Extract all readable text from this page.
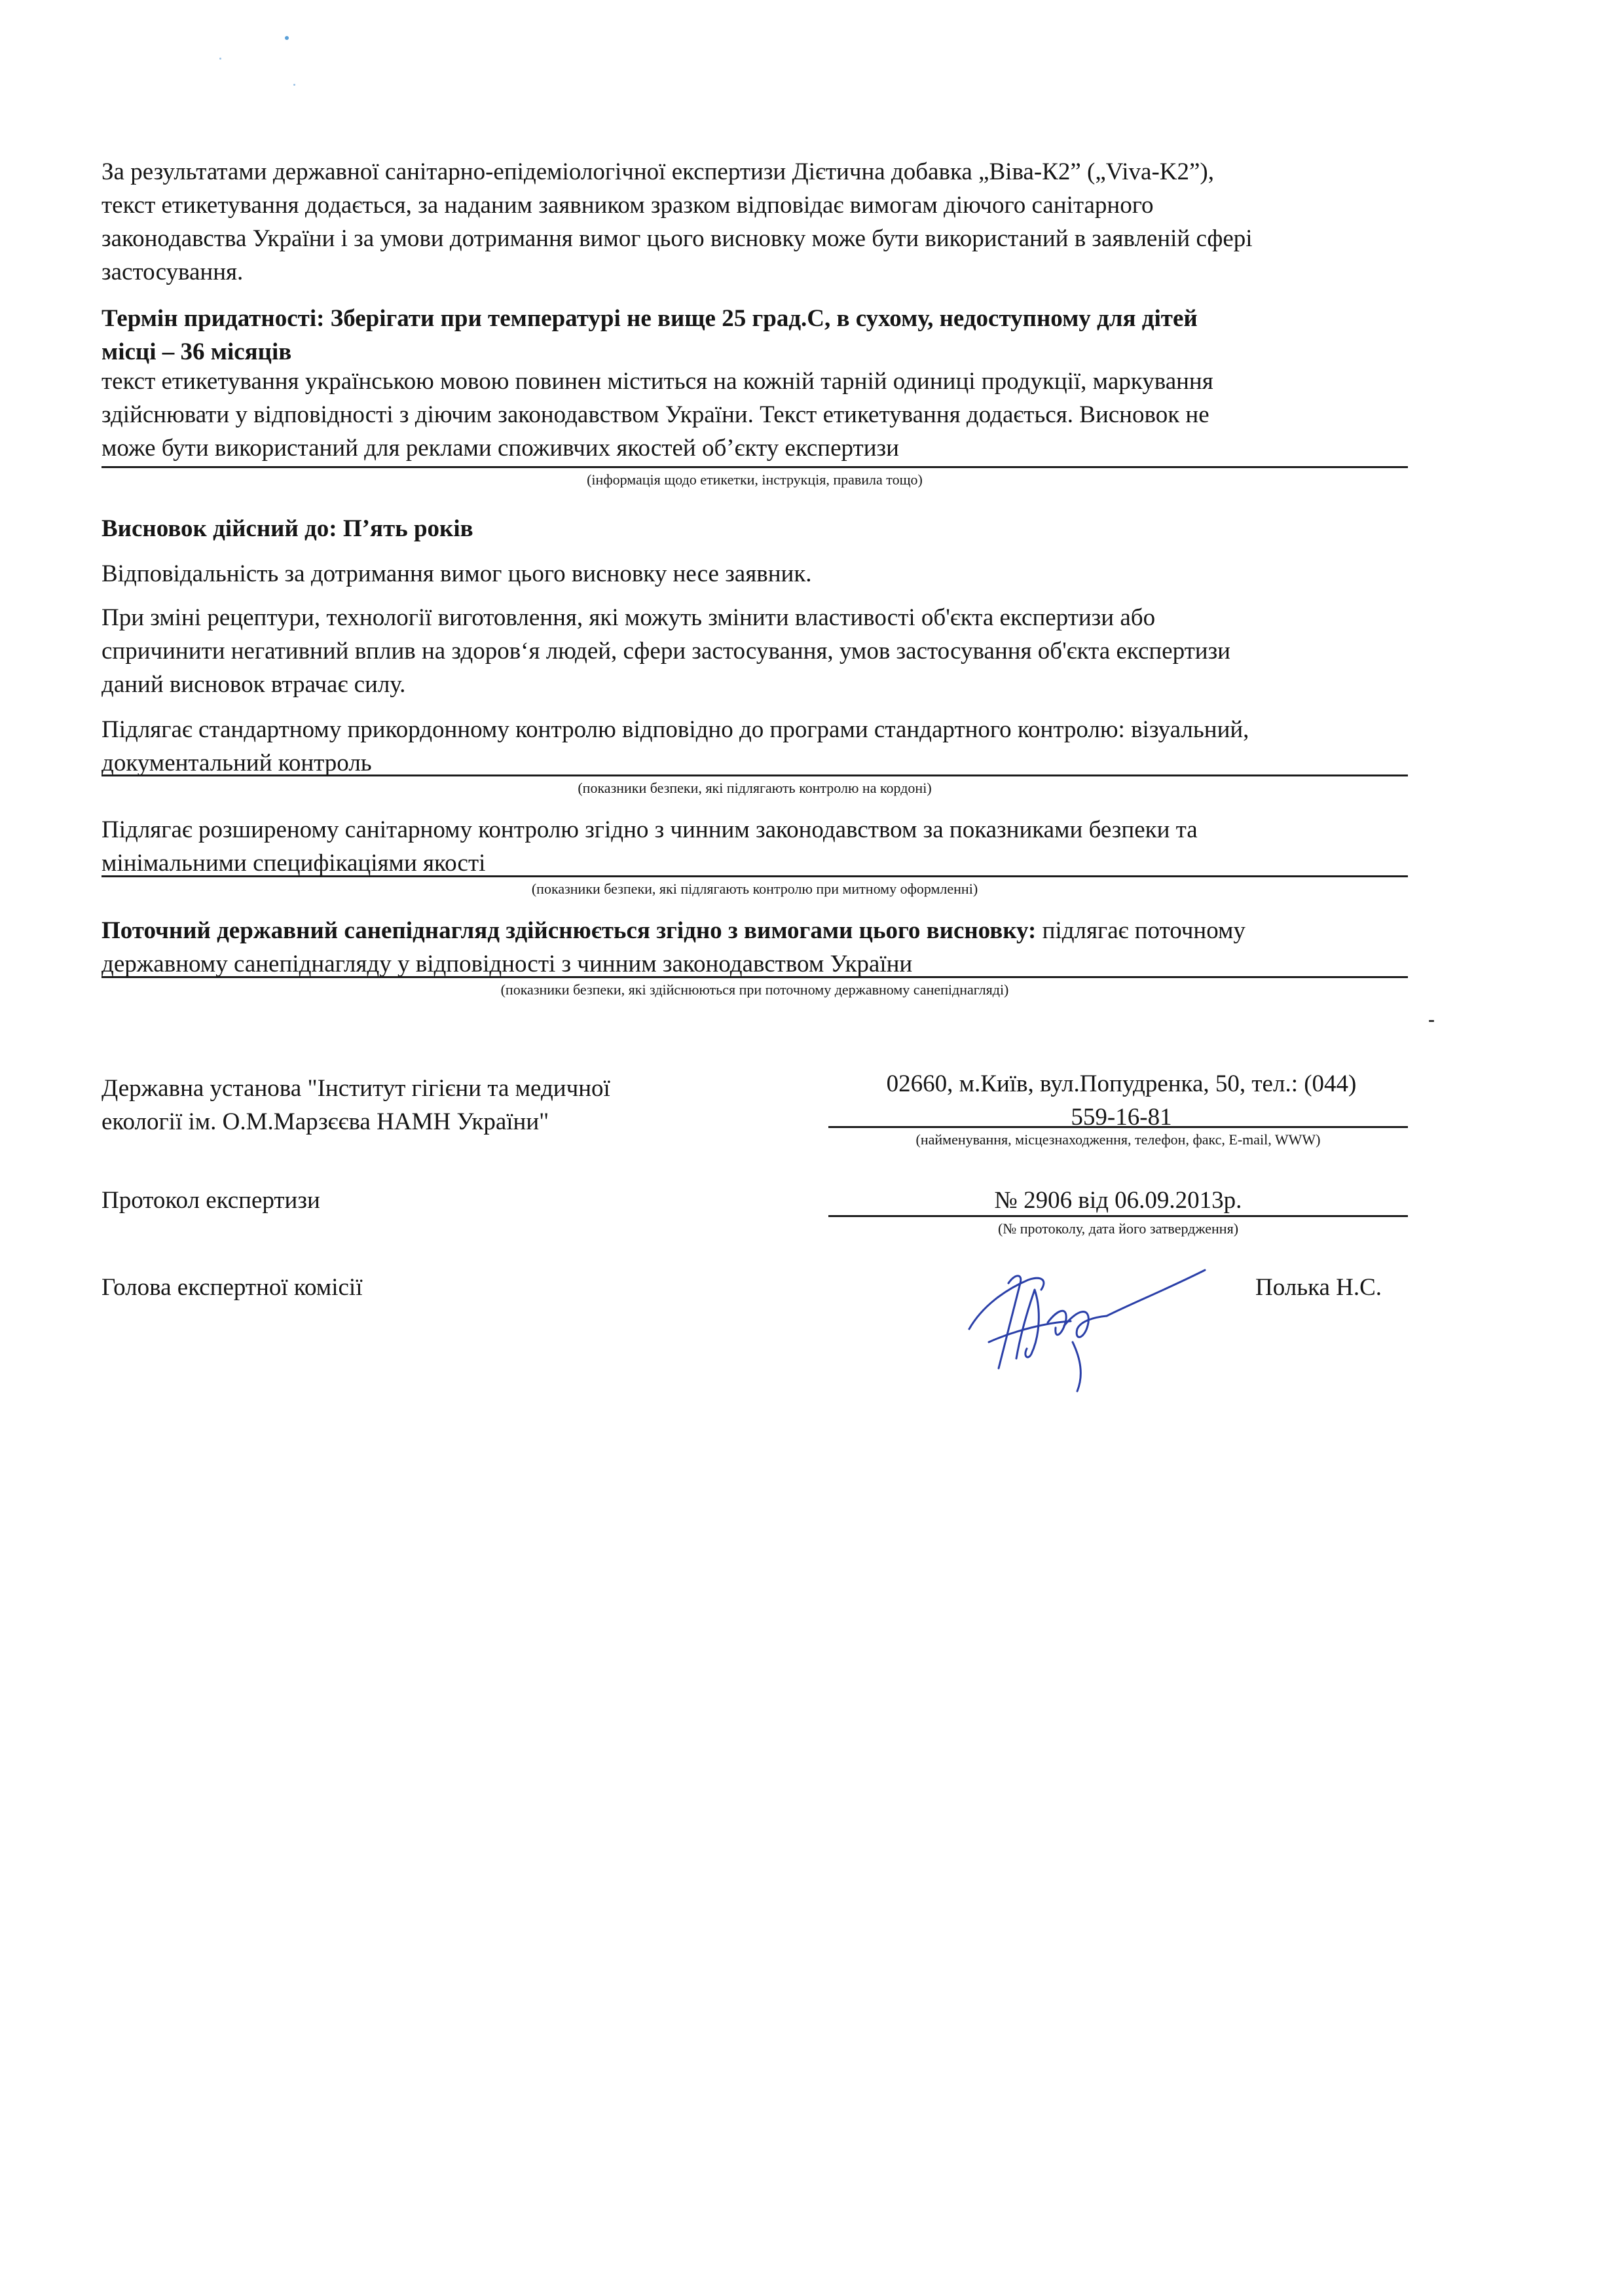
За результатами державної санітарно-епідеміологічної експертизи Дієтична добавка „Віва-К2” („Viva-K2”),
текст етикетування додається, за наданим заявником зразком відповідає вимогам діючого санітарного
законодавства України і за умови дотримання вимог цього висновку може бути використаний в заявленій сфері
застосування.
Термін придатності: Зберігати при температурі не вище 25 град.С, в сухому, недоступному для дітей
місці – 36 місяців
текст етикетування українською мовою повинен міститься на кожній тарній одиниці продукції, маркування
здійснювати у відповідності з діючим законодавством України. Текст етикетування додається. Висновок не
може бути використаний для реклами споживчих якостей об’єкту експертизи
(інформація щодо етикетки, інструкція, правила тощо)
Висновок дійсний до: П’ять років
Відповідальність за дотримання вимог цього висновку несе заявник.
При зміні рецептури, технології виготовлення, які можуть змінити властивості об'єкта експертизи або
спричинити негативний вплив на здоров‘я людей, сфери застосування, умов застосування об'єкта експертизи
даний висновок втрачає силу.
Підлягає стандартному прикордонному контролю відповідно до програми стандартного контролю: візуальний,
документальний контроль
(показники безпеки, які підлягають контролю на кордоні)
Підлягає розширеному санітарному контролю згідно з чинним законодавством за показниками безпеки та
мінімальними специфікаціями якості
(показники безпеки, які підлягають контролю при митному оформленні)
Поточний державний санепіднагляд здійснюється згідно з вимогами цього висновку: підлягає поточному
державному санепіднагляду у відповідності з чинним законодавством України
(показники безпеки, які здійснюються при поточному державному санепіднагляді)
Державна установа "Інститут гігієни та медичної
екології ім. О.М.Марзєєва НАМН України"
02660, м.Київ, вул.Попудренка, 50, тел.: (044)
559-16-81
(найменування, місцезнаходження, телефон, факс, E-mail, WWW)
Протокол експертизи	№ 2906 від 06.09.2013р.
(№ протоколу, дата його затвердження)
Голова експертної комісії	Полька Н.С.
